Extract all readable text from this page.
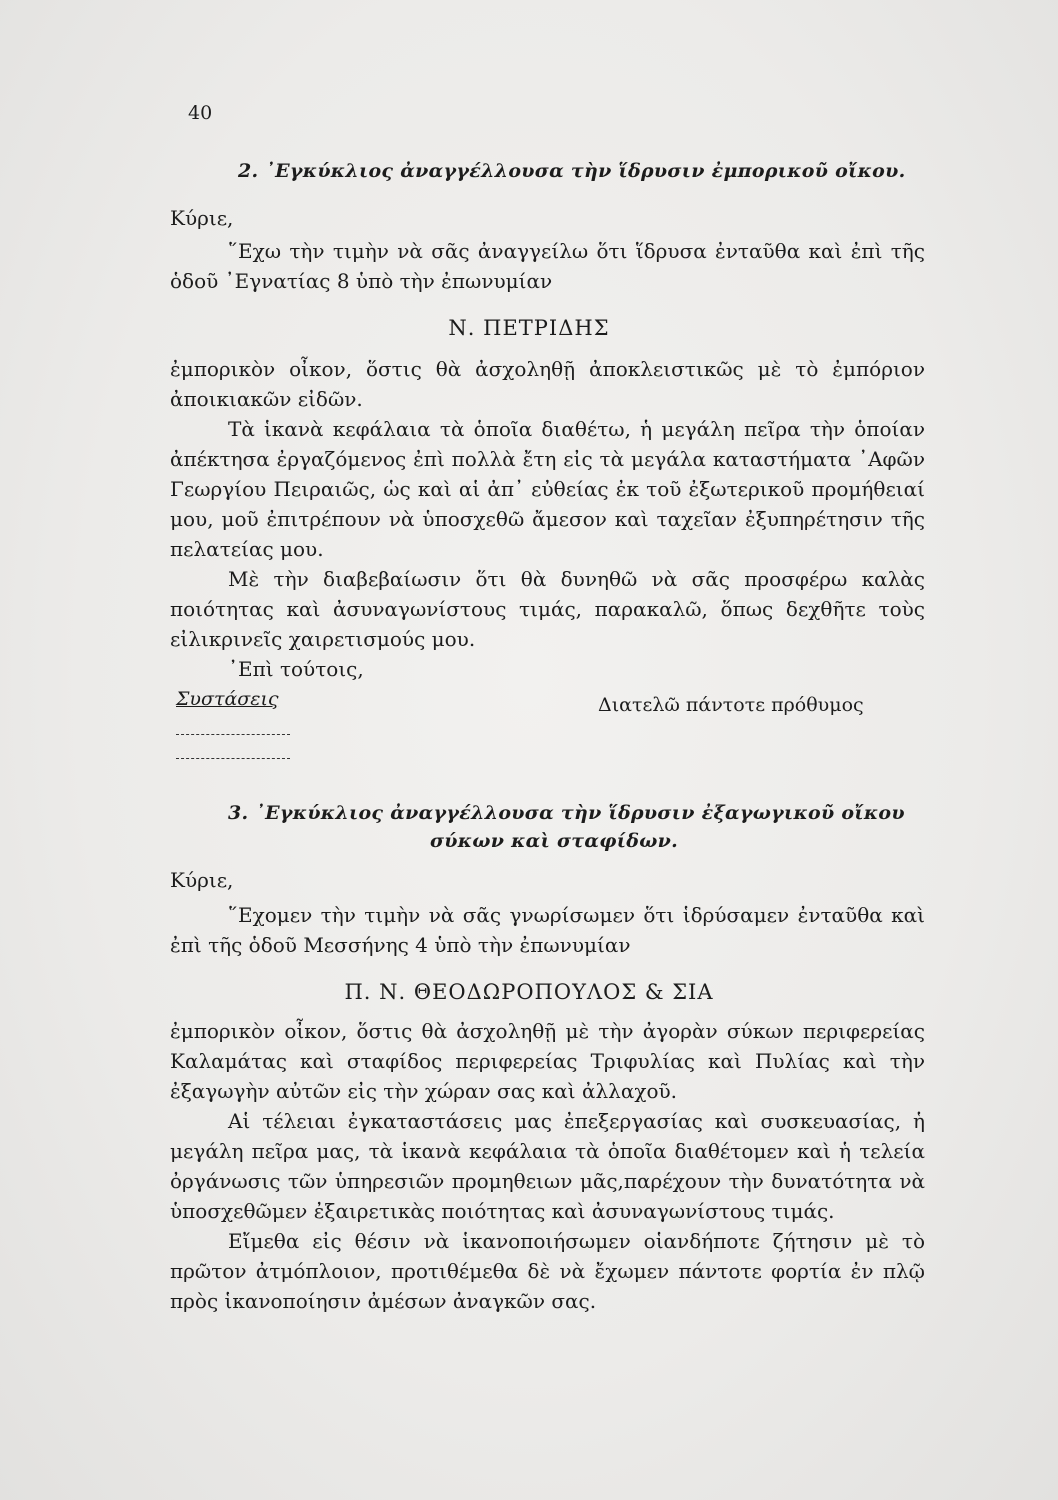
40
2. ᾿Εγκύκλιος ἀναγγέλλουσα τὴν ἵδρυσιν ἐμπορικοῦ οἴκου.
Κύριε,

῞Εχω τὴν τιμὴν νὰ σᾶς ἀναγγείλω ὅτι ἵδρυσα ἐνταῦθα καὶ ἐπὶ τῆς ὁδοῦ ᾿Εγνατίας 8 ὑπὸ τὴν ἐπωνυμίαν

Ν. ΠΕΤΡΙΔΗΣ

ἐμπορικὸν οἶκον, ὅστις θὰ ἀσχοληθῇ ἀποκλειστικῶς μὲ τὸ ἐμπόριον ἀποικιακῶν εἰδῶν.

Τὰ ἱκανὰ κεφάλαια τὰ ὁποῖα διαθέτω, ἡ μεγάλη πεῖρα τὴν ὁποίαν ἀπέκτησα ἐργαζόμενος ἐπὶ πολλὰ ἔτη εἰς τὰ μεγάλα καταστήματα ᾿Αφῶν Γεωργίου Πειραιῶς, ὡς καὶ αἱ ἀπ᾿ εὐθείας ἐκ τοῦ ἐξωτερικοῦ προμήθειαί μου, μοῦ ἐπιτρέπουν νὰ ὑποσχεθῶ ἄμεσον καὶ ταχεῖαν ἐξυπηρέτησιν τῆς πελατείας μου.

Μὲ τὴν διαβεβαίωσιν ὅτι θὰ δυνηθῶ νὰ σᾶς προσφέρω καλὰς ποιότητας καὶ ἀσυναγωνίστους τιμάς, παρακαλῶ, ὅπως δεχθῆτε τοὺς εἰλικρινεῖς χαιρετισμούς μου.

᾿Επὶ τούτοις,

Συστάσεις	Διατελῶ πάντοτε πρόθυμος
3. ᾿Εγκύκλιος ἀναγγέλλουσα τὴν ἵδρυσιν ἐξαγωγικοῦ οἴκου
σύκων καὶ σταφίδων.
Κύριε,

῞Εχομεν τὴν τιμὴν νὰ σᾶς γνωρίσωμεν ὅτι ἱδρύσαμεν ἐνταῦθα καὶ ἐπὶ τῆς ὁδοῦ Μεσσήνης 4 ὑπὸ τὴν ἐπωνυμίαν

Π. Ν. ΘΕΟΔΩΡΟΠΟΥΛΟΣ & ΣΙΑ

ἐμπορικὸν οἶκον, ὅστις θὰ ἀσχοληθῇ μὲ τὴν ἀγορὰν σύκων περιφερείας Καλαμάτας καὶ σταφίδος περιφερείας Τριφυλίας καὶ Πυλίας καὶ τὴν ἐξαγωγὴν αὐτῶν εἰς τὴν χώραν σας καὶ ἀλλαχοῦ.

Αἱ τέλειαι ἐγκαταστάσεις μας ἐπεξεργασίας καὶ συσκευασίας, ἡ μεγάλη πεῖρα μας, τὰ ἱκανὰ κεφάλαια τὰ ὁποῖα διαθέτομεν καὶ ἡ τελεία ὀργάνωσις τῶν ὑπηρεσιῶν προμηθειων μᾶς,παρέχουν τὴν δυνατότητα νὰ ὑποσχεθῶμεν ἐξαιρετικὰς ποιότητας καὶ ἀσυναγωνίστους τιμάς.

Εἴμεθα εἰς θέσιν νὰ ἱκανοποιήσωμεν οἱανδήποτε ζήτησιν μὲ τὸ πρῶτον ἀτμόπλοιον, προτιθέμεθα δὲ νὰ ἔχωμεν πάντοτε φορτία ἐν πλῷ πρὸς ἱκανοποίησιν ἀμέσων ἀναγκῶν σας.
